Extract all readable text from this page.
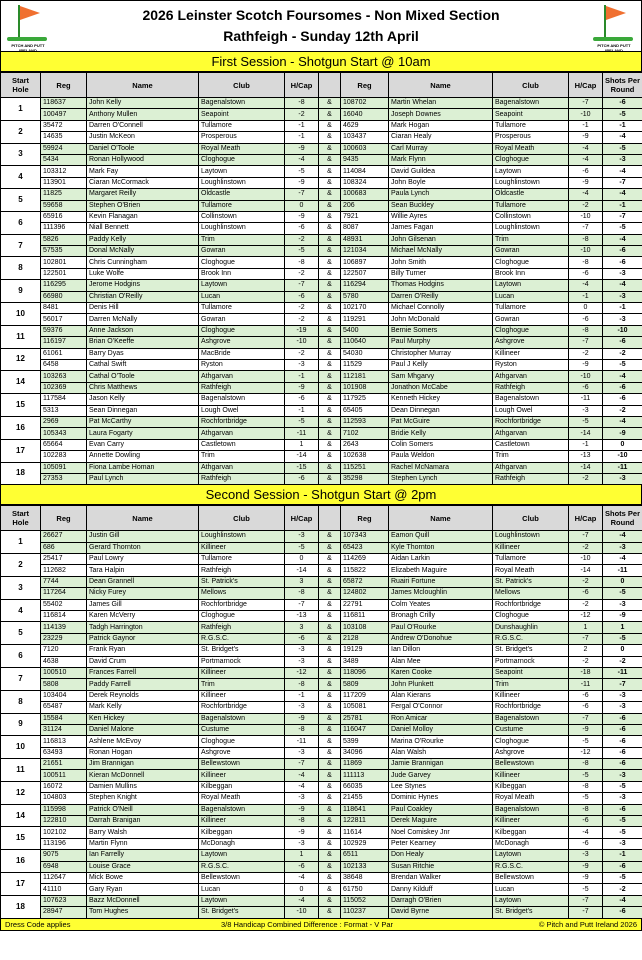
PITCH AND PUTT IRELAND
2026 Leinster Scotch Foursomes - Non Mixed Section
Rathfeigh - Sunday 12th April
PITCH AND PUTT IRELAND
First Session - Shotgun Start @ 10am
Start Hole	Reg	Name	Club	H/Cap		Reg	Name	Club	H/Cap	Shots Per Round
1	118637	John Kelly	Bagenalstown	-8	&	108702	Martin Whelan	Bagenalstown	-7	-6
	100497	Anthony Mullen	Seapoint	-2	&	16040	Joseph Downes	Seapoint	-10	-5
2	35472	Darren O'Connell	Tullamore	-1	&	4629	Mark Hogan	Tullamore	-1	-1
	14635	Justin McKeon	Prosperous	-1	&	103437	Ciaran Healy	Prosperous	-9	-4
3	59924	Daniel O'Toole	Royal Meath	-9	&	100603	Carl Murray	Royal Meath	-4	-5
	5434	Ronan Hollywood	Cloghogue	-4	&	9435	Mark Flynn	Cloghogue	-4	-3
4	103312	Mark Fay	Laytown	-5	&	114084	David Guildea	Laytown	-6	-4
	113901	Ciaran McCormack	Loughlinstown	-9	&	108324	John Boyle	Loughlinstown	-9	-7
5	11825	Margaret Reilly	Oldcastle	-7	&	100683	Paula Lynch	Oldcastle	-4	-4
	59658	Stephen O'Brien	Tullamore	0	&	206	Sean Buckley	Tullamore	-2	-1
6	65916	Kevin Flanagan	Collinstown	-9	&	7921	Willie Ayres	Collinstown	-10	-7
	111396	Niall Bennett	Loughlinstown	-6	&	8087	James Fagan	Loughlinstown	-7	-5
7	5826	Paddy Kelly	Trim	-2	&	48931	John Gilsenan	Trim	-8	-4
	57535	Donal McNally	Gowran	-5	&	121034	Michael McNally	Gowran	-10	-6
8	102801	Chris Cunningham	Cloghogue	-8	&	106897	John Smith	Cloghogue	-8	-6
	122501	Luke Wolfe	Brook Inn	-2	&	122507	Billy Turner	Brook Inn	-6	-3
9	116295	Jerome Hodgins	Laytown	-7	&	116294	Thomas Hodgins	Laytown	-4	-4
	66980	Christian O'Reilly	Lucan	-6	&	5780	Darren O'Reilly	Lucan	-1	-3
10	8481	Denis Hill	Tullamore	-2	&	102170	Michael Connolly	Tullamore	0	-1
	56017	Darren McNally	Gowran	-2	&	119291	John McDonald	Gowran	-6	-3
11	59376	Anne Jackson	Cloghogue	-19	&	5400	Bernie Somers	Cloghogue	-8	-10
	116197	Brian O'Keeffe	Ashgrove	-10	&	110640	Paul Murphy	Ashgrove	-7	-6
12	61061	Barry Dyas	MacBride	-2	&	54030	Christopher Murray	Killineer	-2	-2
	6458	Cathal Swift	Ryston	-3	&	11529	Paul J Kelly	Ryston	-9	-5
14	103263	Cathal O'Toole	Athgarvan	-1	&	112181	Sam Mhgarvy	Athgarvan	-10	-4
	102369	Chris Matthews	Rathfeigh	-9	&	101908	Jonathon McCabe	Rathfeigh	-6	-6
15	117584	Jason Kelly	Bagenalstown	-6	&	117925	Kenneth Hickey	Bagenalstown	-11	-6
	5313	Sean Dinnegan	Lough Owel	-1	&	65405	Dean Dinnegan	Lough Owel	-3	-2
16	2969	Pat McCarthy	Rochfortbridge	-5	&	112593	Pat McGuire	Rochfortbridge	-5	-4
	105343	Laura Fogarty	Athgarvan	-11	&	7102	Bridie Kelly	Athgarvan	-14	-9
17	65664	Evan Carry	Castletown	1	&	2643	Colin Somers	Castletown	-1	0
	102283	Annette Dowling	Trim	-14	&	102638	Paula Weldon	Trim	-13	-10
18	105091	Fiona Lambe Homan	Athgarvan	-15	&	115251	Rachel McNamara	Athgarvan	-14	-11
	27353	Paul Lynch	Rathfeigh	-6	&	35298	Stephen Lynch	Rathfeigh	-2	-3
Second Session - Shotgun Start @ 2pm
Start Hole	Reg	Name	Club	H/Cap		Reg	Name	Club	H/Cap	Shots Per Round
1	26627	Justin Gill	Loughlinstown	-3	&	107343	Eamon Quill	Loughlinstown	-7	-4
	686	Gerard Thornton	Killineer	-5	&	65423	Kyle Thornton	Killineer	-2	-3
2	25417	Paul Lowry	Tullamore	0	&	114269	Aidan Larkin	Tullamore	-10	-4
	112682	Tara Halpin	Rathfeigh	-14	&	115822	Elizabeth Maguire	Royal Meath	-14	-11
3	7744	Dean Grannell	St. Patrick's	3	&	65872	Ruairi Fortune	St. Patrick's	-2	0
	117264	Nicky Furey	Mellows	-8	&	124802	James Mcloughlin	Mellows	-6	-5
4	55402	James Gill	Rochfortbridge	-7	&	22791	Colm Yeates	Rochfortbridge	-2	-3
	116814	Karen McVerry	Cloghogue	-13	&	116811	Bronagh Crilly	Cloghogue	-12	-9
5	114139	Tadgh Harrington	Rathfeigh	3	&	103108	Paul O'Rourke	Dunshaughlin	1	1
	23229	Patrick Gaynor	R.G.S.C.	-6	&	2128	Andrew O'Donohue	R.G.S.C.	-7	-5
6	7120	Frank Ryan	St. Bridget's	-3	&	19129	Ian Dillon	St. Bridget's	2	0
	4638	David Crum	Portmarnock	-3	&	3489	Alan Mee	Portmarnock	-2	-2
7	100510	Frances Farrell	Killineer	-12	&	118096	Karen Cooke	Seapoint	-18	-11
	5808	Paddy Farrell	Trim	-8	&	5809	John Plunkett	Trim	-11	-7
8	103404	Derek Reynolds	Killineer	-1	&	117209	Alan Kierans	Killineer	-6	-3
	65487	Mark Kelly	Rochfortbridge	-3	&	105081	Fergal O'Connor	Rochfortbridge	-6	-3
9	15584	Ken Hickey	Bagenalstown	-9	&	25781	Ron Amicar	Bagenalstown	-7	-6
	31124	Daniel Malone	Custume	-8	&	116047	Daniel Molloy	Custume	-9	-6
10	116813	Ashlene McEvoy	Cloghogue	-11	&	5399	Marina O'Rourke	Cloghogue	-5	-6
	63493	Ronan Hogan	Ashgrove	-3	&	34096	Alan Walsh	Ashgrove	-12	-6
11	21651	Jim Brannigan	Bellewstown	-7	&	11869	Jamie Brannigan	Bellewstown	-8	-6
	100511	Kieran McDonnell	Killineer	-4	&	111113	Jude Garvey	Killineer	-5	-3
12	16072	Damien Mullins	Kilbeggan	-4	&	66035	Lee Stynes	Kilbeggan	-8	-5
	104803	Stephen Knight	Royal Meath	-3	&	21455	Dominic Hynes	Royal Meath	-5	-3
14	115998	Patrick O'Neill	Bagenalstown	-9	&	118641	Paul Coakley	Bagenalstown	-8	-6
	122810	Darrah Branigan	Killineer	-8	&	122811	Derek Maguire	Killineer	-6	-5
15	102102	Barry Walsh	Kilbeggan	-9	&	11614	Noel Comiskey Jnr	Kilbeggan	-4	-5
	113196	Martin Flynn	McDonagh	-3	&	102929	Peter Kearney	McDonagh	-6	-3
16	9075	Ian Farrelly	Laytown	1	&	6511	Don Healy	Laytown	-3	-1
	6948	Louise Grace	R.G.S.C.	-6	&	102133	Susan Ritchie	R.G.S.C.	-9	-6
17	112647	Mick Bowe	Bellewstown	-4	&	38648	Brendan Walker	Bellewstown	-9	-5
	41110	Gary Ryan	Lucan	0	&	61750	Danny Kilduff	Lucan	-5	-2
18	107623	Bazz McDonnell	Laytown	-4	&	115052	Darragh O'Brien	Laytown	-7	-4
	28947	Tom Hughes	St. Bridget's	-10	&	110237	David Byrne	St. Bridget's	-7	-6
Dress Code applies	3/8 Handicap Combined Difference : Format - V Par	© Pitch and Putt Ireland 2026
